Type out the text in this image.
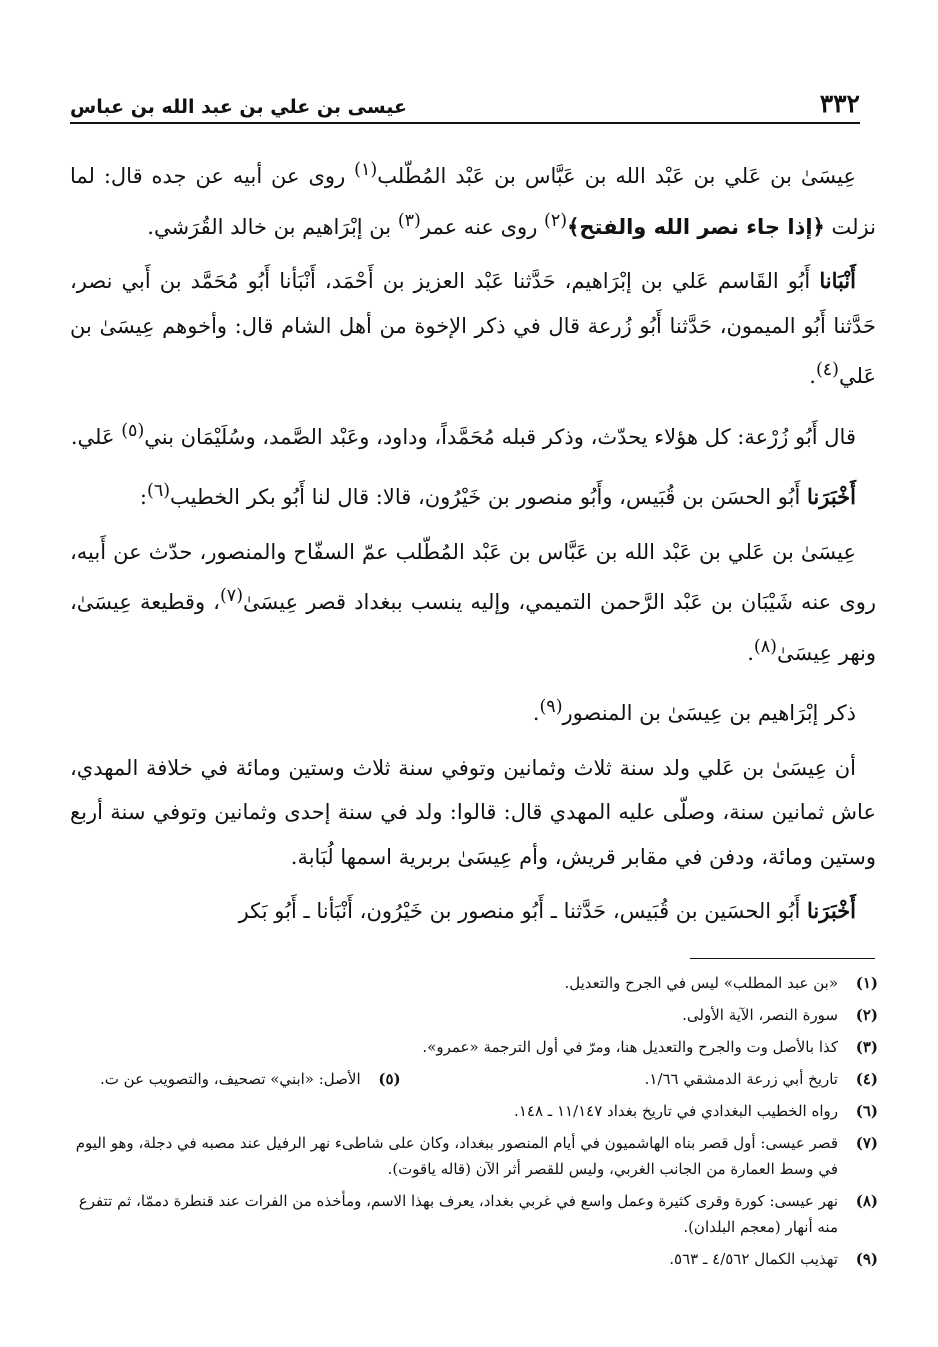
عيسى بن علي بن عبد الله بن عباس	٣٣٢

عِيسَىٰ بن عَلي بن عَبْد الله بن عَبَّاس بن عَبْد المُطّلب$^{(١)}$ روى عن أبيه عن جده قال: لما نزلت ﴿إذا جاء نصر الله والفتح﴾$^{(٢)}$ روى عنه عمر$^{(٣)}$ بن إبْرَاهيم بن خالد القُرَشي.

أَنْبَانا أَبُو القَاسم عَلي بن إبْرَاهيم، حَدَّثنا عَبْد العزيز بن أَحْمَد، أَنْبَأنا أَبُو مُحَمَّد بن أَبي نصر، حَدَّثنا أَبُو الميمون، حَدَّثنا أَبُو زُرعة قال في ذكر الإخوة من أهل الشام قال: وأخوهم عِيسَىٰ بن عَلي$^{(٤)}$.

قال أَبُو زُرْعة: كل هؤلاء يحدّث، وذكر قبله مُحَمَّداً، وداود، وعَبْد الصَّمد، وسُلَيْمَان بني$^{(٥)}$ عَلي.

أَخْبَرَنا أَبُو الحسَن بن قُبَيس، وأَبُو منصور بن خَيْرُون، قالا: قال لنا أَبُو بكر الخطيب$^{(٦)}$:

عِيسَىٰ بن عَلي بن عَبْد الله بن عَبَّاس بن عَبْد المُطّلب عمّ السفّاح والمنصور، حدّث عن أَبيه، روى عنه شَيْبَان بن عَبْد الرَّحمن التميمي، وإليه ينسب ببغداد قصر عِيسَىٰ$^{(٧)}$، وقطيعة عِيسَىٰ، ونهر عِيسَىٰ$^{(٨)}$.

ذكر إبْرَاهيم بن عِيسَىٰ بن المنصور$^{(٩)}$.

أن عِيسَىٰ بن عَلي ولد سنة ثلاث وثمانين وتوفي سنة ثلاث وستين ومائة في خلافة المهدي، عاش ثمانين سنة، وصلّى عليه المهدي قال: قالوا: ولد في سنة إحدى وثمانين وتوفي سنة أربع وستين ومائة، ودفن في مقابر قريش، وأم عِيسَىٰ بربرية اسمها لُبَابة.

أَخْبَرَنا أَبُو الحسَين بن قُبَيس، حَدَّثنا ـ أَبُو منصور بن خَيْرُون، أَنْبَأنا ـ أَبُو بَكر

(١)
«بن عبد المطلب» ليس في الجرح والتعديل.
(٢)
سورة النصر، الآية الأولى.
(٣)
كذا بالأصل وت والجرح والتعديل هنا، ومرّ في أول الترجمة «عمرو».
(٤)
تاريخ أبي زرعة الدمشقي ١/٦٦.
(٥)
الأصل: «ابني» تصحيف، والتصويب عن ت.
(٦)
رواه الخطيب البغدادي في تاريخ بغداد ١١/١٤٧ ـ ١٤٨.
(٧)
قصر عيسى: أول قصر بناه الهاشميون في أيام المنصور ببغداد، وكان على شاطىء نهر الرفيل عند مصبه في دجلة، وهو اليوم في وسط العمارة من الجانب الغربي، وليس للقصر أثر الآن (قاله ياقوت).
(٨)
نهر عيسى: كورة وقرى كثيرة وعمل واسع في غربي بغداد، يعرف بهذا الاسم، ومأخذه من الفرات عند قنطرة دممّا، ثم تتفرع منه أنهار (معجم البلدان).
(٩)
تهذيب الكمال ٤/٥٦٢ ـ ٥٦٣.
